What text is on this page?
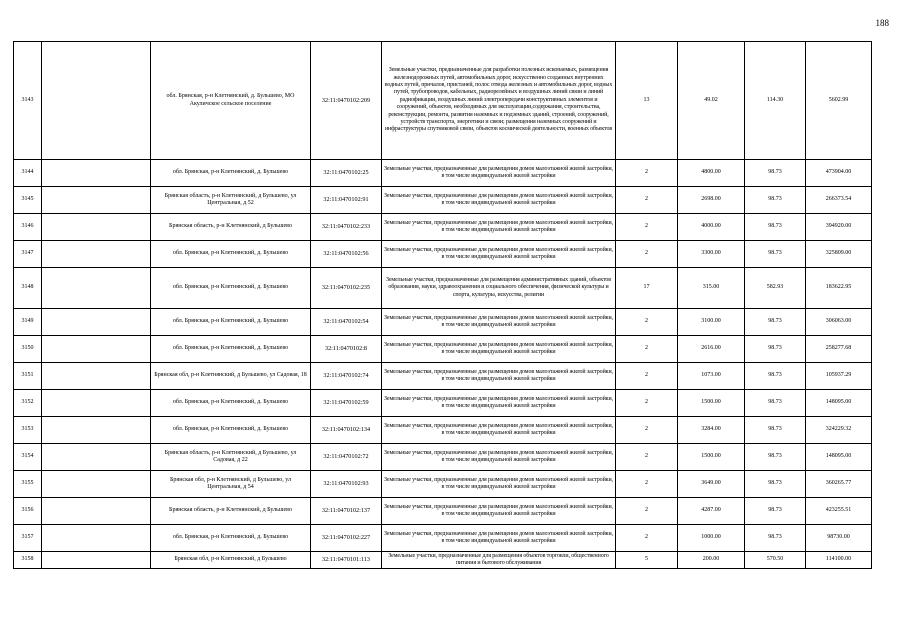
188
3143		обл. Брянская, р-н Клетнянский, д. Бульшево, МО Акуличское сельское поселение	32:11:0470102:209	Земельные участки, предназначенные для разработки полезных ископаемых, размещения железнодорожных путей, автомобильных дорог, искусственно созданных внутренних водных путей, причалов, пристаней, полос отвода железных и автомобильных дорог, водных путей, трубопроводов, кабельных, радиорелейных и воздушных линий связи и линий радиофикации, воздушных линий электропередачи конструктивных элементов и сооружений, объектов, необходимых для эксплуатации,содержания, строительства, реконструкции, ремонта, развития наземных и подземных зданий, строений, сооружений, устройств транспорта, энергетики и связи; размещения наземных сооружений и инфраструктуры спутниковой связи, объектов космической деятельности, военных объектов	13	49.02	114.30	5602.99
3144		обл. Брянская, р-н Клетнянский, д. Бульшево	32:11:0470102:25	Земельные участки, предназначенные для размещения домов малоэтажной жилой застройки, в том числе индивидуальной жилой застройки	2	4800.00	98.73	473904.00
3145		Брянская область, р-н Клетнянский, д Бульшево, ул Центральная, д 52	32:11:0470102:91	Земельные участки, предназначенные для размещения домов малоэтажной жилой застройки, в том числе индивидуальной жилой застройки	2	2698.00	98.73	266373.54
3146		Брянская область, р-н Клетнянский, д Бульшево	32:11:0470102:233	Земельные участки, предназначенные для размещения домов малоэтажной жилой застройки, в том числе индивидуальной жилой застройки	2	4000.00	98.73	394920.00
3147		обл. Брянская, р-н Клетнянский, д. Бульшево	32:11:0470102:56	Земельные участки, предназначенные для размещения домов малоэтажной жилой застройки, в том числе индивидуальной жилой застройки	2	3300.00	98.73	325809.00
3148		обл. Брянская, р-н Клетнянский, д. Бульшево	32:11:0470102:235	Земельные участки, предназначенные для размещения административных зданий, объектов образования, науки, здравоохранения и социального обеспечения, физической культуры и спорта, культуры, искусства, религии	17	315.00	582.93	183622.95
3149		обл. Брянская, р-н Клетнянский, д. Бульшево	32:11:0470102:54	Земельные участки, предназначенные для размещения домов малоэтажной жилой застройки, в том числе индивидуальной жилой застройки	2	3100.00	98.73	306063.00
3150		обл. Брянская, р-н Клетнянский, д. Бульшево	32:11:0470102:8	Земельные участки, предназначенные для размещения домов малоэтажной жилой застройки, в том числе индивидуальной жилой застройки	2	2616.00	98.73	258277.68
3151		Брянская обл, р-н Клетнянский, д Бульшево, ул Садовая, 18	32:11:0470102:74	Земельные участки, предназначенные для размещения домов малоэтажной жилой застройки, в том числе индивидуальной жилой застройки	2	1073.00	98.73	105937.29
3152		обл. Брянская, р-н Клетнянский, д. Бульшево	32:11:0470102:59	Земельные участки, предназначенные для размещения домов малоэтажной жилой застройки, в том числе индивидуальной жилой застройки	2	1500.00	98.73	148095.00
3153		обл. Брянская, р-н Клетнянский, д. Бульшево	32:11:0470102:134	Земельные участки, предназначенные для размещения домов малоэтажной жилой застройки, в том числе индивидуальной жилой застройки	2	3284.00	98.73	324229.32
3154		Брянская область, р-н Клетнянский, д Бульшево, ул Садовая, д 22	32:11:0470102:72	Земельные участки, предназначенные для размещения домов малоэтажной жилой застройки, в том числе индивидуальной жилой застройки	2	1500.00	98.73	148095.00
3155		Брянская обл, р-н Клетнянский, д Бульшево, ул Центральная, д 54	32:11:0470102:93	Земельные участки, предназначенные для размещения домов малоэтажной жилой застройки, в том числе индивидуальной жилой застройки	2	3649.00	98.73	360265.77
3156		Брянская область, р-н Клетнянский, д Бульшево	32:11:0470102:137	Земельные участки, предназначенные для размещения домов малоэтажной жилой застройки, в том числе индивидуальной жилой застройки	2	4287.00	98.73	423255.51
3157		обл. Брянская, р-н Клетнянский, д. Бульшево	32:11:0470102:227	Земельные участки, предназначенные для размещения домов малоэтажной жилой застройки, в том числе индивидуальной жилой застройки	2	1000.00	98.73	98730.00
3158		Брянская обл, р-н Клетнянский, д Бульшево	32:11:0470101:113	Земельные участки, предназначенные для размещения объектов торговли, общественного питания и бытового обслуживания	5	200.00	570.50	114100.00
